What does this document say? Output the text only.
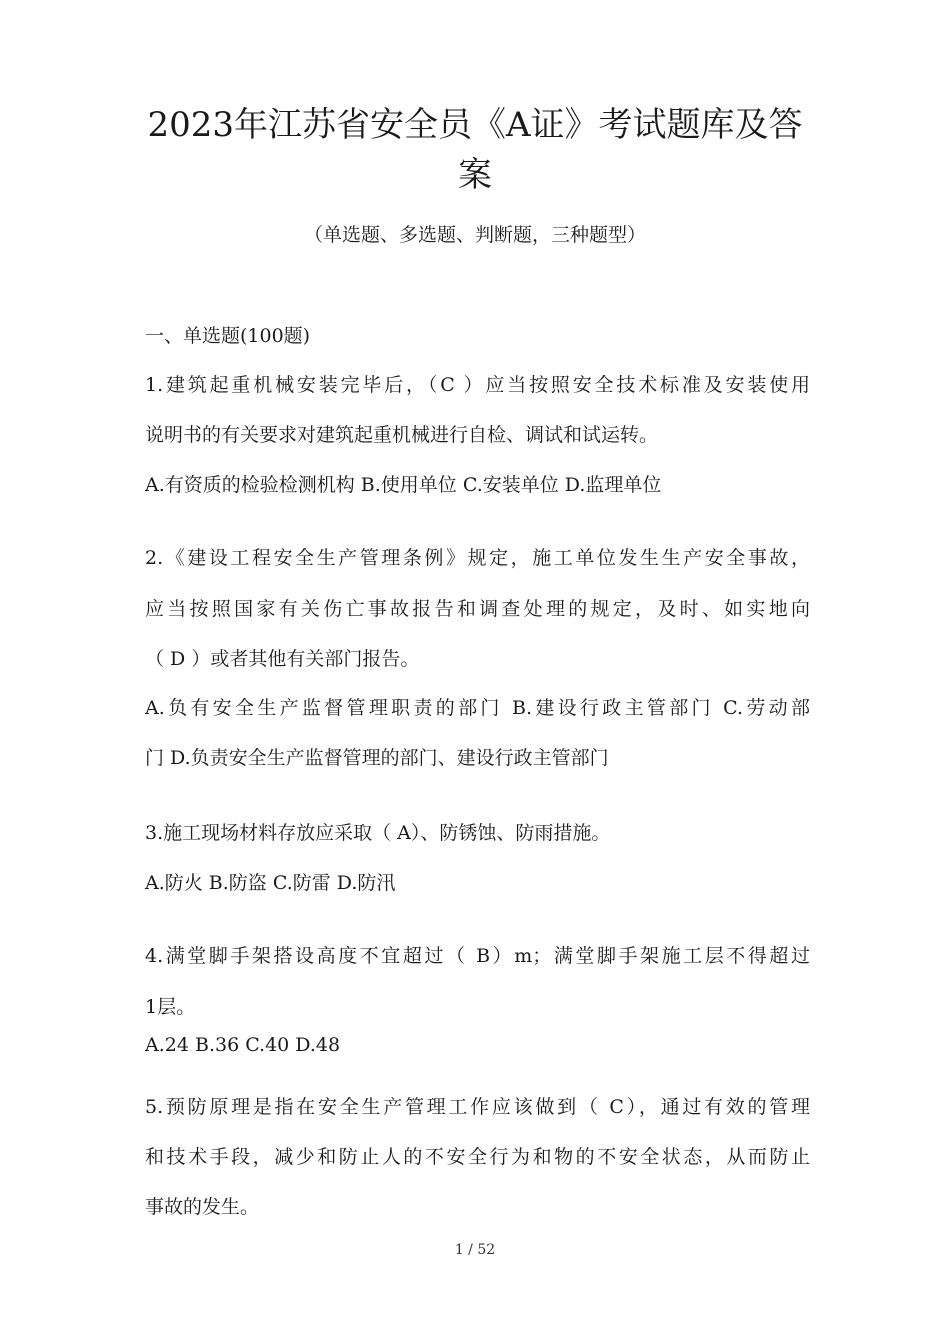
2023年江苏省安全员《A证》考试题库及答
案
（单选题、多选题、判断题，三种题型）
一、单选题(100题)
1.建筑起重机械安装完毕后，（C ）应当按照安全技术标准及安装使用
说明书的有关要求对建筑起重机械进行自检、调试和试运转。
A.有资质的检验检测机构 B.使用单位 C.安装单位 D.监理单位
2.《建设工程安全生产管理条例》规定，施工单位发生生产安全事故，
应当按照国家有关伤亡事故报告和调查处理的规定，及时、如实地向
（ D ）或者其他有关部门报告。
A.负有安全生产监督管理职责的部门 B.建设行政主管部门 C.劳动部
门 D.负责安全生产监督管理的部门、建设行政主管部门
3.施工现场材料存放应采取（ A）、防锈蚀、防雨措施。
A.防火 B.防盗 C.防雷 D.防汛
4.满堂脚手架搭设高度不宜超过（ B）m；满堂脚手架施工层不得超过
1层。
A.24 B.36 C.40 D.48
5.预防原理是指在安全生产管理工作应该做到（ C），通过有效的管理
和技术手段，减少和防止人的不安全行为和物的不安全状态，从而防止
事故的发生。
1 / 52
